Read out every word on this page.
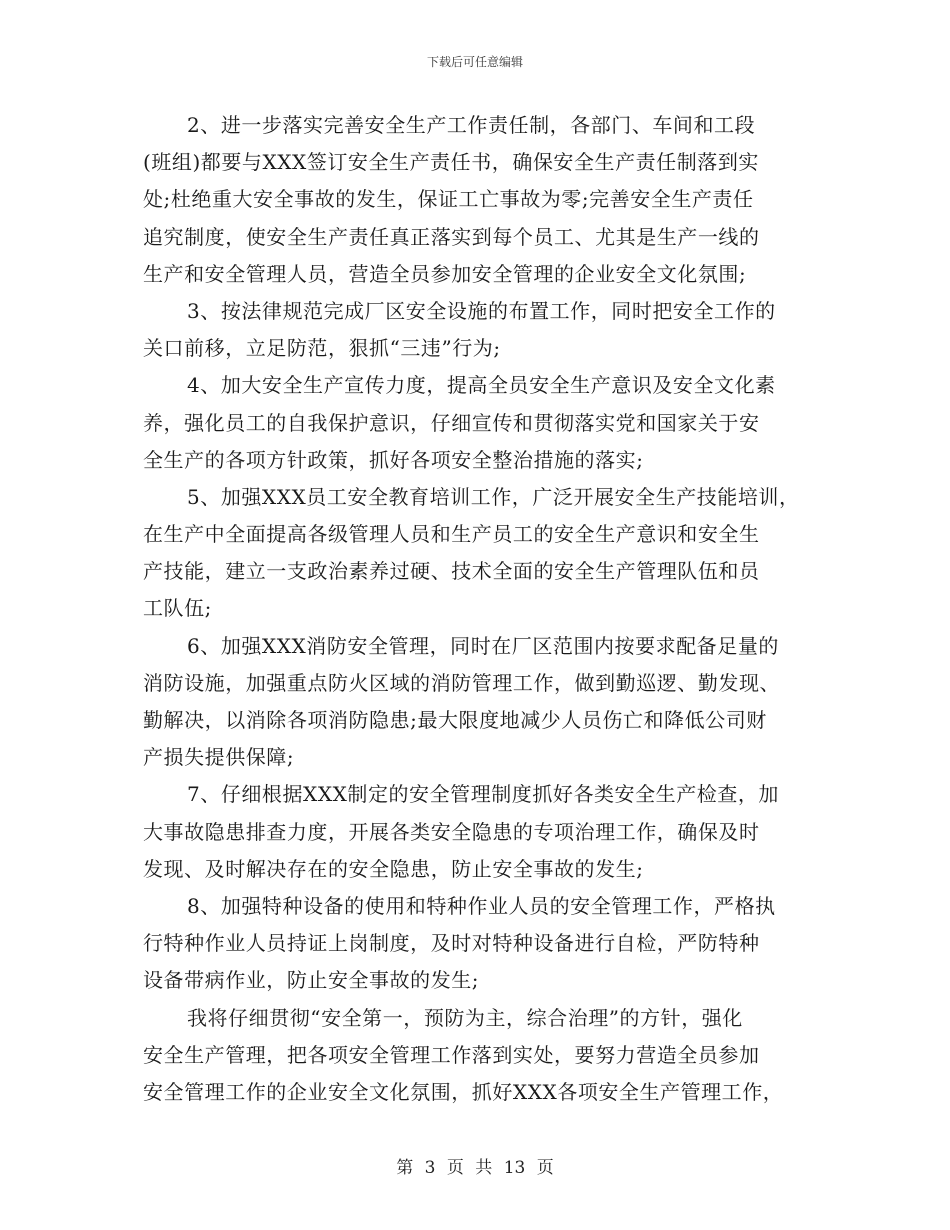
下载后可任意编辑
2、进一步落实完善安全生产工作责任制，各部门、车间和工段
(班组)都要与XXX签订安全生产责任书，确保安全生产责任制落到实
处;杜绝重大安全事故的发生，保证工亡事故为零;完善安全生产责任
追究制度，使安全生产责任真正落实到每个员工、尤其是生产一线的
生产和安全管理人员，营造全员参加安全管理的企业安全文化氛围;
3、按法律规范完成厂区安全设施的布置工作，同时把安全工作的
关口前移，立足防范，狠抓“三违”行为;
4、加大安全生产宣传力度，提高全员安全生产意识及安全文化素
养，强化员工的自我保护意识，仔细宣传和贯彻落实党和国家关于安
全生产的各项方针政策，抓好各项安全整治措施的落实;
5、加强XXX员工安全教育培训工作，广泛开展安全生产技能培训，
在生产中全面提高各级管理人员和生产员工的安全生产意识和安全生
产技能，建立一支政治素养过硬、技术全面的安全生产管理队伍和员
工队伍;
6、加强XXX消防安全管理，同时在厂区范围内按要求配备足量的
消防设施，加强重点防火区域的消防管理工作，做到勤巡逻、勤发现、
勤解决，以消除各项消防隐患;最大限度地减少人员伤亡和降低公司财
产损失提供保障;
7、仔细根据XXX制定的安全管理制度抓好各类安全生产检查，加
大事故隐患排查力度，开展各类安全隐患的专项治理工作，确保及时
发现、及时解决存在的安全隐患，防止安全事故的发生;
8、加强特种设备的使用和特种作业人员的安全管理工作，严格执
行特种作业人员持证上岗制度，及时对特种设备进行自检，严防特种
设备带病作业，防止安全事故的发生;
我将仔细贯彻“安全第一，预防为主，综合治理”的方针，强化
安全生产管理，把各项安全管理工作落到实处，要努力营造全员参加
安全管理工作的企业安全文化氛围，抓好XXX各项安全生产管理工作，
第 3 页 共 13 页
